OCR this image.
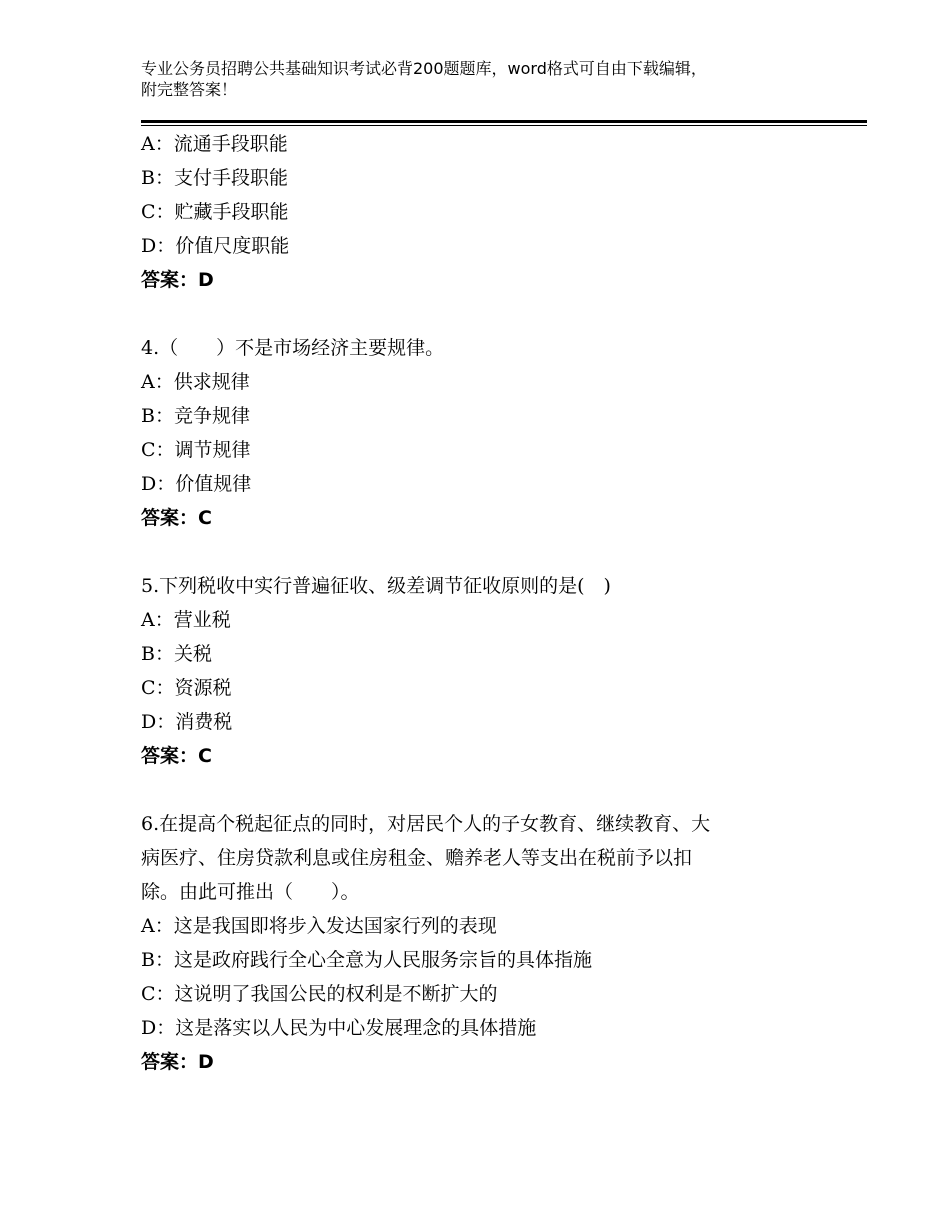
专业公务员招聘公共基础知识考试必背200题题库，word格式可自由下载编辑，
附完整答案！
A：流通手段职能
B：支付手段职能
C：贮藏手段职能
D：价值尺度职能
答案：D
4.（　　）不是市场经济主要规律。
A：供求规律
B：竞争规律
C：调节规律
D：价值规律
答案：C
5.下列税收中实行普遍征收、级差调节征收原则的是(　)
A：营业税
B：关税
C：资源税
D：消费税
答案：C
6.在提高个税起征点的同时，对居民个人的子女教育、继续教育、大
病医疗、住房贷款利息或住房租金、赡养老人等支出在税前予以扣
除。由此可推出（　　）。
A：这是我国即将步入发达国家行列的表现
B：这是政府践行全心全意为人民服务宗旨的具体指施
C：这说明了我国公民的权利是不断扩大的
D：这是落实以人民为中心发展理念的具体措施
答案：D
